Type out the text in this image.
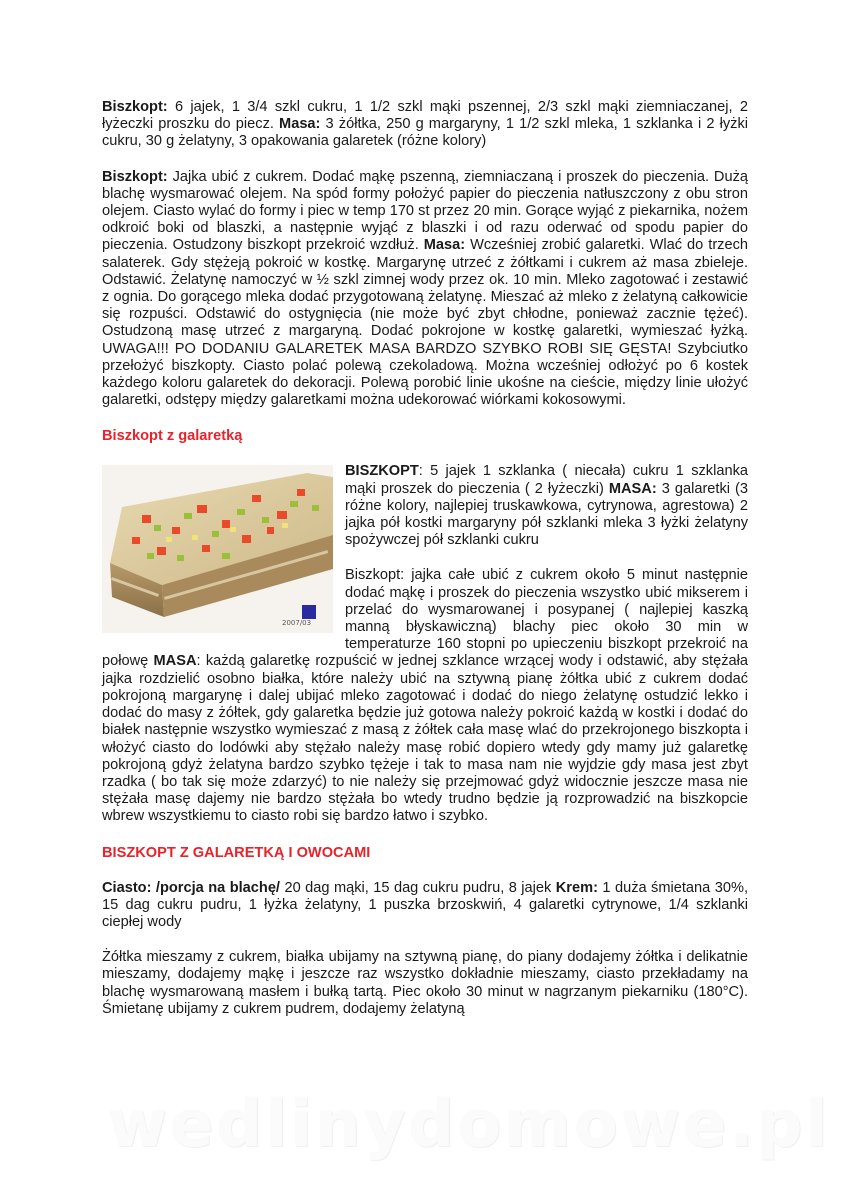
Biszkopt: 6 jajek, 1 3/4 szkl cukru, 1 1/2 szkl mąki pszennej, 2/3 szkl mąki ziemniaczanej, 2 łyżeczki proszku do piecz. Masa: 3 żółtka, 250 g margaryny, 1 1/2 szkl mleka, 1 szklanka i 2 łyżki cukru, 30 g żelatyny, 3 opakowania galaretek (różne kolory)

Biszkopt: Jajka ubić z cukrem. Dodać mąkę pszenną, ziemniaczaną i proszek do pieczenia. Dużą blachę wysmarować olejem. Na spód formy położyć papier do pieczenia natłuszczony z obu stron olejem. Ciasto wylać do formy i piec w temp 170 st przez 20 min. Gorące wyjąć z piekarnika, nożem odkroić boki od blaszki, a następnie wyjąć z blaszki i od razu oderwać od spodu papier do pieczenia. Ostudzony biszkopt przekroić wzdłuż. Masa: Wcześniej zrobić galaretki. Wlać do trzech salaterek. Gdy stężeją pokroić w kostkę. Margarynę utrzeć z żółtkami i cukrem aż masa zbieleje. Odstawić. Żelatynę namoczyć w ½ szkl zimnej wody przez ok. 10 min. Mleko zagotować i zestawić z ognia. Do gorącego mleka dodać przygotowaną żelatynę. Mieszać aż mleko z żelatyną całkowicie się rozpuści. Odstawić do ostygnięcia (nie może być zbyt chłodne, ponieważ zacznie tężeć). Ostudzoną masę utrzeć z margaryną. Dodać pokrojone w kostkę galaretki, wymieszać łyżką. UWAGA!!! PO DODANIU GALARETEK MASA BARDZO SZYBKO ROBI SIĘ GĘSTA! Szybciutko przełożyć biszkopty. Ciasto polać polewą czekoladową. Można wcześniej odłożyć po 6 kostek każdego koloru galaretek do dekoracji. Polewą porobić linie ukośne na cieście, między linie ułożyć galaretki, odstępy między galaretkami można udekorować wiórkami kokosowymi.

Biszkopt z galaretką

2007/03

BISZKOPT: 5 jajek 1 szklanka ( niecała) cukru 1 szklanka mąki proszek do pieczenia ( 2 łyżeczki) MASA: 3 galaretki (3 różne kolory, najlepiej truskawkowa, cytrynowa, agrestowa) 2 jajka pół kostki margaryny pół szklanki mleka 3 łyżki żelatyny spożywczej pół szklanki cukru

Biszkopt: jajka całe ubić z cukrem około 5 minut następnie dodać mąkę i proszek do pieczenia wszystko ubić mikserem i przelać do wysmarowanej i posypanej ( najlepiej kaszką manną błyskawiczną) blachy piec około 30 min w temperaturze 160 stopni po upieczeniu biszkopt przekroić na połowę MASA: każdą galaretkę rozpuścić w jednej szklance wrzącej wody i odstawić, aby stężała jajka rozdzielić osobno białka, które należy ubić na sztywną pianę żółtka ubić z cukrem dodać pokrojoną margarynę i dalej ubijać mleko zagotować i dodać do niego żelatynę ostudzić lekko i dodać do masy z żółtek, gdy galaretka będzie już gotowa należy pokroić każdą w kostki i dodać do białek następnie wszystko wymieszać z masą z żółtek cała masę wlać do przekrojonego biszkopta i włożyć ciasto do lodówki aby stężało należy masę robić dopiero wtedy gdy mamy już galaretkę pokrojoną gdyż żelatyna bardzo szybko tężeje i tak to masa nam nie wyjdzie gdy masa jest zbyt rzadka ( bo tak się może zdarzyć) to nie należy się przejmować gdyż widocznie jeszcze masa nie stężała masę dajemy nie bardzo stężała bo wtedy trudno będzie ją rozprowadzić na biszkopcie wbrew wszystkiemu to ciasto robi się bardzo łatwo i szybko.

BISZKOPT Z GALARETKĄ I OWOCAMI

Ciasto: /porcja na blachę/ 20 dag mąki, 15 dag cukru pudru, 8 jajek Krem: 1 duża śmietana 30%, 15 dag cukru pudru, 1 łyżka żelatyny, 1 puszka brzoskwiń, 4 galaretki cytrynowe, 1/4 szklanki ciepłej wody

Żółtka mieszamy z cukrem, białka ubijamy na sztywną pianę, do piany dodajemy żółtka i delikatnie mieszamy, dodajemy mąkę i jeszcze raz wszystko dokładnie mieszamy, ciasto przekładamy na blachę wysmarowaną masłem i bułką tartą. Piec około 30 minut w nagrzanym piekarniku (180°C). Śmietanę ubijamy z cukrem pudrem, dodajemy żelatyną

wedlinydomowe.pl
